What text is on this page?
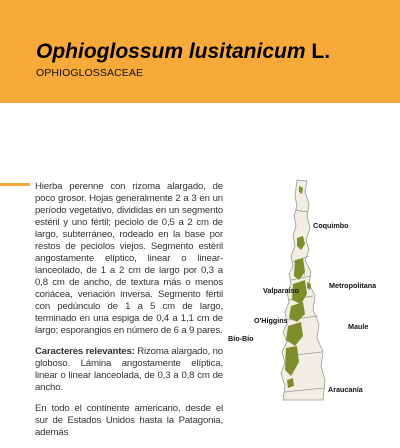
Ophioglossum lusitanicum L.
OPHIOGLOSSACEAE

Hierba perenne con rizoma alargado, de poco grosor. Hojas generalmente 2 a 3 en un período vegetativo, divididas en un segmento estéril y uno fértil; peciolo de 0,5 a 2 cm de largo, subterráneo, rodeado en la base por restos de peciolos viejos. Segmento estéril angostamente elíptico, linear o linear-lanceolado, de 1 a 2 cm de largo por 0,3 a 0,8 cm de ancho, de textura más o menos coriácea, venación inversa. Segmento fértil con pedúnculo de 1 a 5 cm de largo, terminado en una espiga de 0,4 a 1,1 cm de largo; esporangios en número de 6 a 9 pares.

Caracteres relevantes: Rizoma alargado, no globoso. Lámina angostamente elíptica, linear o linear lanceolada, de 0,3 a 0,8 cm de ancho.

En todo el continente americano, desde el sur de Estados Unidos hasta la Patagonia, además

Coquimbo
Valparaíso
Metropolitana
O'Higgins
Maule
Bío-Bío
Araucanía
